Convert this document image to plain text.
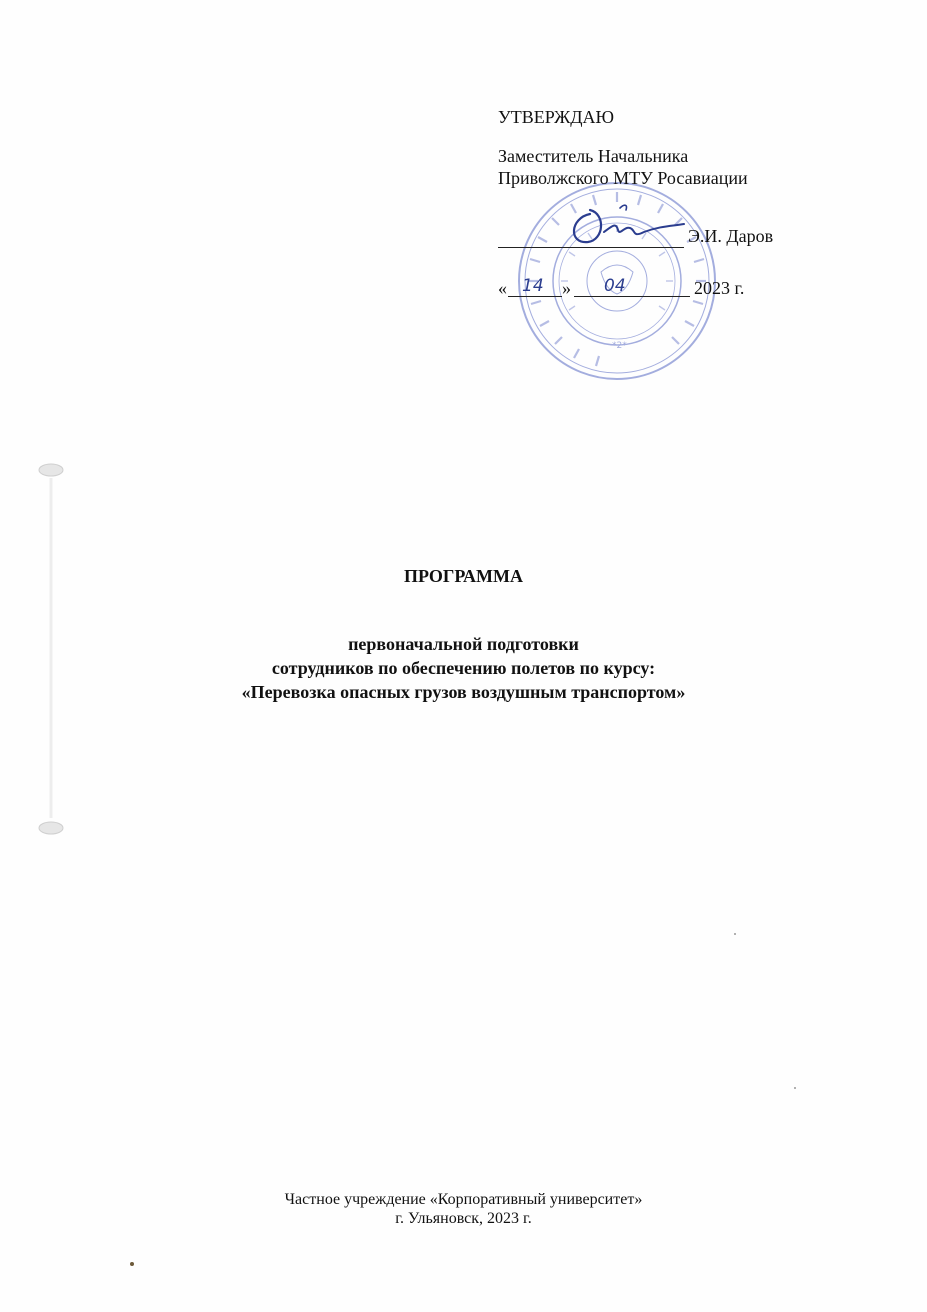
*2*
УТВЕРЖДАЮ
Заместитель Начальника
Приволжского МТУ Росавиации
Э.И. Даров
« 14 » 04	2023 г.
ПРОГРАММА
первоначальной подготовки
сотрудников по обеспечению полетов по курсу:
«Перевозка опасных грузов воздушным транспортом»
Частное учреждение «Корпоративный университет»
г. Ульяновск, 2023 г.
